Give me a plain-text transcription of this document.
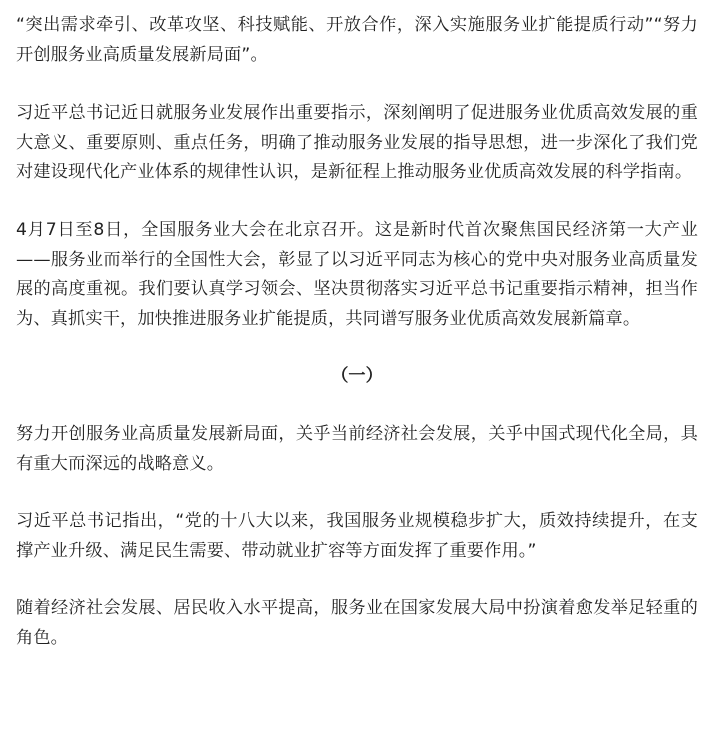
“突出需求牵引、改革攻坚、科技赋能、开放合作，深入实施服务业扩能提质行动”“努力开创服务业高质量发展新局面”。

习近平总书记近日就服务业发展作出重要指示，深刻阐明了促进服务业优质高效发展的重大意义、重要原则、重点任务，明确了推动服务业发展的指导思想，进一步深化了我们党对建设现代化产业体系的规律性认识，是新征程上推动服务业优质高效发展的科学指南。

4月7日至8日，全国服务业大会在北京召开。这是新时代首次聚焦国民经济第一大产业——服务业而举行的全国性大会，彰显了以习近平同志为核心的党中央对服务业高质量发展的高度重视。我们要认真学习领会、坚决贯彻落实习近平总书记重要指示精神，担当作为、真抓实干，加快推进服务业扩能提质，共同谱写服务业优质高效发展新篇章。

（一）

努力开创服务业高质量发展新局面，关乎当前经济社会发展，关乎中国式现代化全局，具有重大而深远的战略意义。

习近平总书记指出，“党的十八大以来，我国服务业规模稳步扩大，质效持续提升，在支撑产业升级、满足民生需要、带动就业扩容等方面发挥了重要作用。”

随着经济社会发展、居民收入水平提高，服务业在国家发展大局中扮演着愈发举足轻重的角色。
